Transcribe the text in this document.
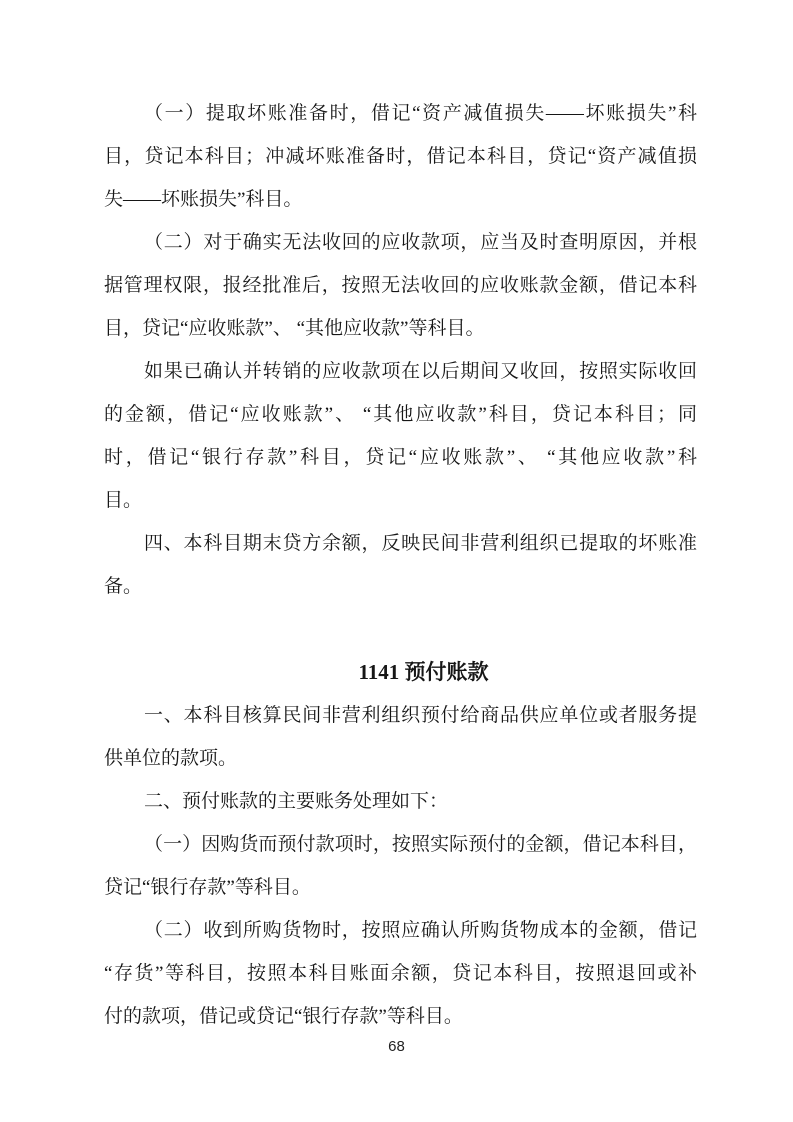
（一）提取坏账准备时，借记“资产减值损失——坏账损失”科
目，贷记本科目；冲减坏账准备时，借记本科目，贷记“资产减值损
失——坏账损失”科目。
（二）对于确实无法收回的应收款项，应当及时查明原因，并根
据管理权限，报经批准后，按照无法收回的应收账款金额，借记本科
目，贷记“应收账款”、 “其他应收款”等科目。
如果已确认并转销的应收款项在以后期间又收回，按照实际收回
的金额，借记“应收账款”、 “其他应收款”科目，贷记本科目；同
时，借记“银行存款”科目，贷记“应收账款”、 “其他应收款”科
目。
四、本科目期末贷方余额，反映民间非营利组织已提取的坏账准
备。
1141 预付账款
一、本科目核算民间非营利组织预付给商品供应单位或者服务提
供单位的款项。
二、预付账款的主要账务处理如下：
（一）因购货而预付款项时，按照实际预付的金额，借记本科目，
贷记“银行存款”等科目。
（二）收到所购货物时，按照应确认所购货物成本的金额，借记
“存货”等科目，按照本科目账面余额，贷记本科目，按照退回或补
付的款项，借记或贷记“银行存款”等科目。
68
